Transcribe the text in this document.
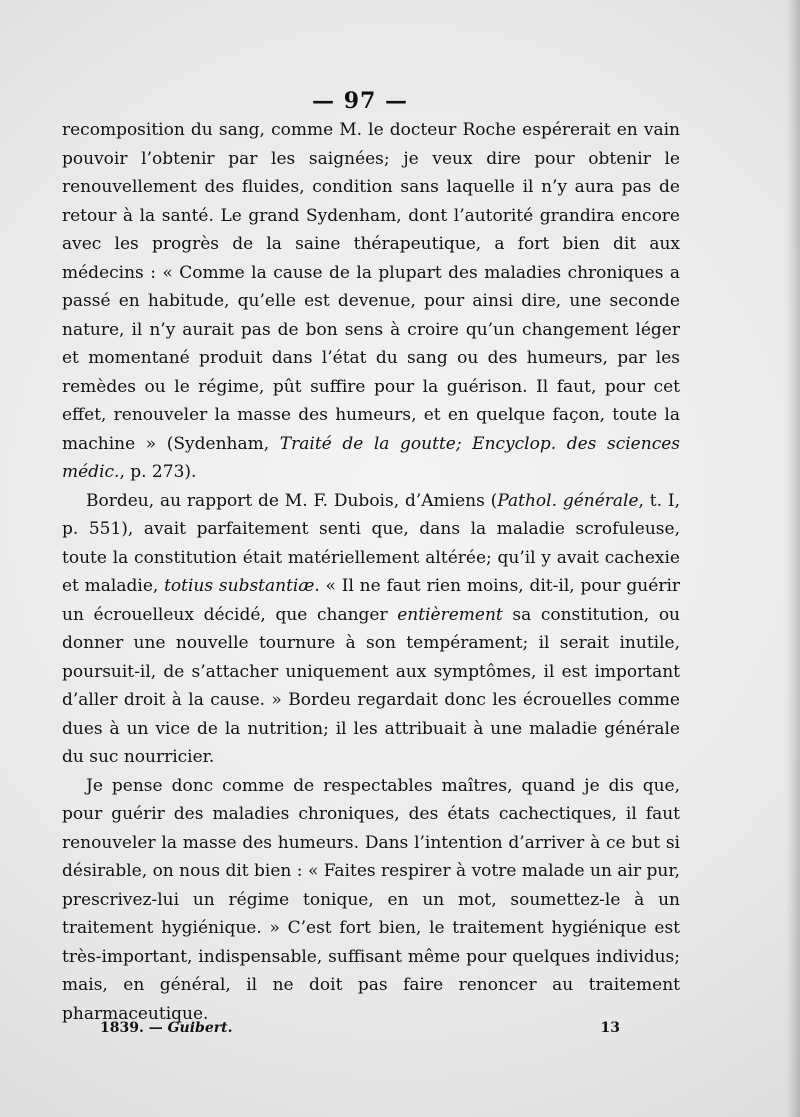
— 97 —

recomposition du sang, comme M. le docteur Roche espérerait en vain pouvoir l’obtenir par les saignées; je veux dire pour obtenir le renouvellement des fluides, condition sans laquelle il n’y aura pas de retour à la santé. Le grand Sydenham, dont l’autorité grandira encore avec les progrès de la saine thérapeutique, a fort bien dit aux médecins : « Comme la cause de la plupart des maladies chroniques a passé en habitude, qu’elle est devenue, pour ainsi dire, une seconde nature, il n’y aurait pas de bon sens à croire qu’un changement léger et momentané produit dans l’état du sang ou des humeurs, par les remèdes ou le régime, pût suffire pour la guérison. Il faut, pour cet effet, renouveler la masse des humeurs, et en quelque façon, toute la machine » (Sydenham, Traité de la goutte; Encyclop. des sciences médic., p. 273).

Bordeu, au rapport de M. F. Dubois, d’Amiens (Pathol. générale, t. I, p. 551), avait parfaitement senti que, dans la maladie scrofuleuse, toute la constitution était matériellement altérée; qu’il y avait cachexie et maladie, totius substantiæ. « Il ne faut rien moins, dit-il, pour guérir un écrouelleux décidé, que changer entièrement sa constitution, ou donner une nouvelle tournure à son tempérament; il serait inutile, poursuit-il, de s’attacher uniquement aux symptômes, il est important d’aller droit à la cause. » Bordeu regardait donc les écrouelles comme dues à un vice de la nutrition; il les attribuait à une maladie générale du suc nourricier.

Je pense donc comme de respectables maîtres, quand je dis que, pour guérir des maladies chroniques, des états cachectiques, il faut renouveler la masse des humeurs. Dans l’intention d’arriver à ce but si désirable, on nous dit bien : « Faites respirer à votre malade un air pur, prescrivez-lui un régime tonique, en un mot, soumettez-le à un traitement hygiénique. » C’est fort bien, le traitement hygiénique est très-important, indispensable, suffisant même pour quelques individus; mais, en général, il ne doit pas faire renoncer au traitement pharmaceutique.

1839. — Guibert.	13
